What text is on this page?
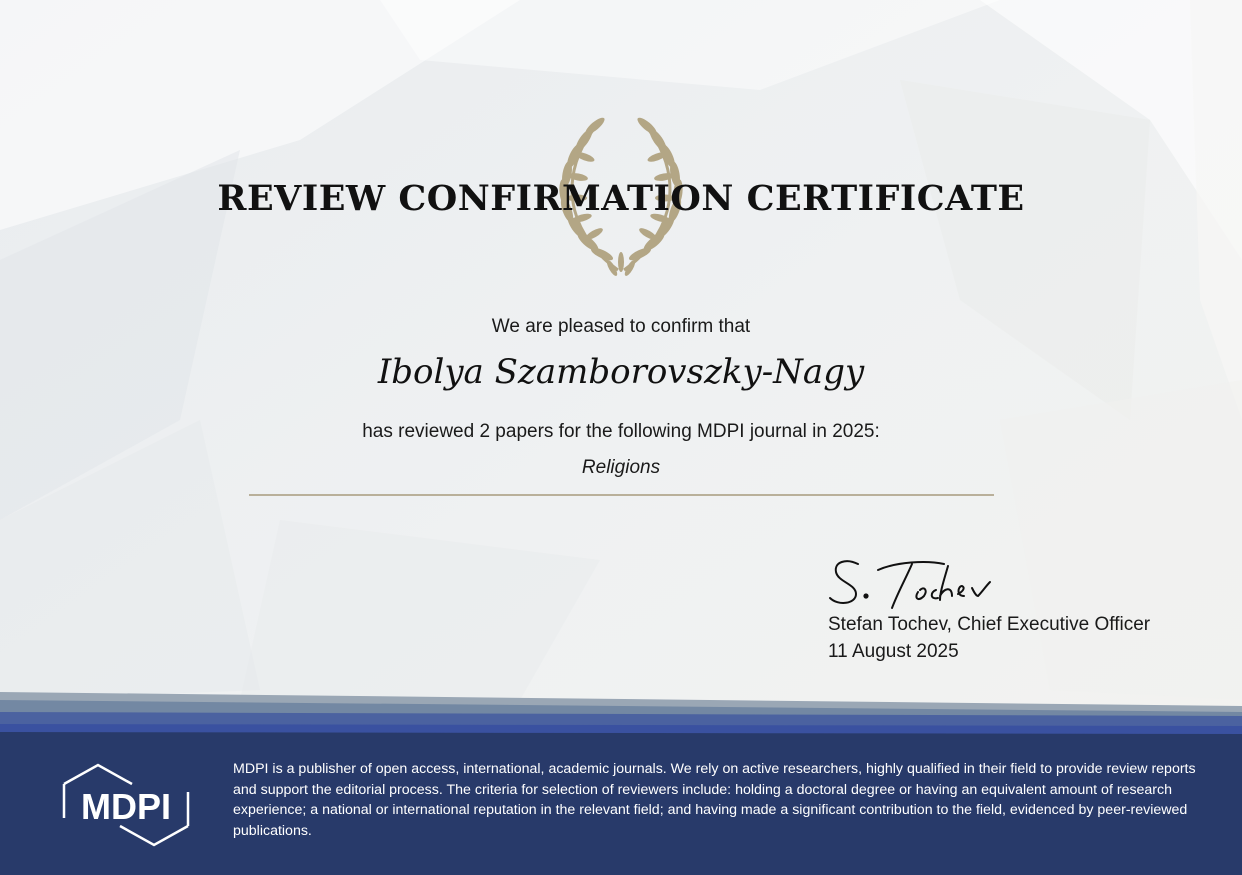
REVIEW CONFIRMATION CERTIFICATE
We are pleased to confirm that
Ibolya Szamborovszky-Nagy
has reviewed 2 papers for the following MDPI journal in 2025:
Religions
Stefan Tochev, Chief Executive Officer
11 August 2025
MDPI

MDPI is a publisher of open access, international, academic journals. We rely on active researchers, highly qualified in their field to provide review reports and support the editorial process. The criteria for selection of reviewers include: holding a doctoral degree or having an equivalent amount of research experience; a national or international reputation in the relevant field; and having made a significant contribution to the field, evidenced by peer-reviewed publications.
